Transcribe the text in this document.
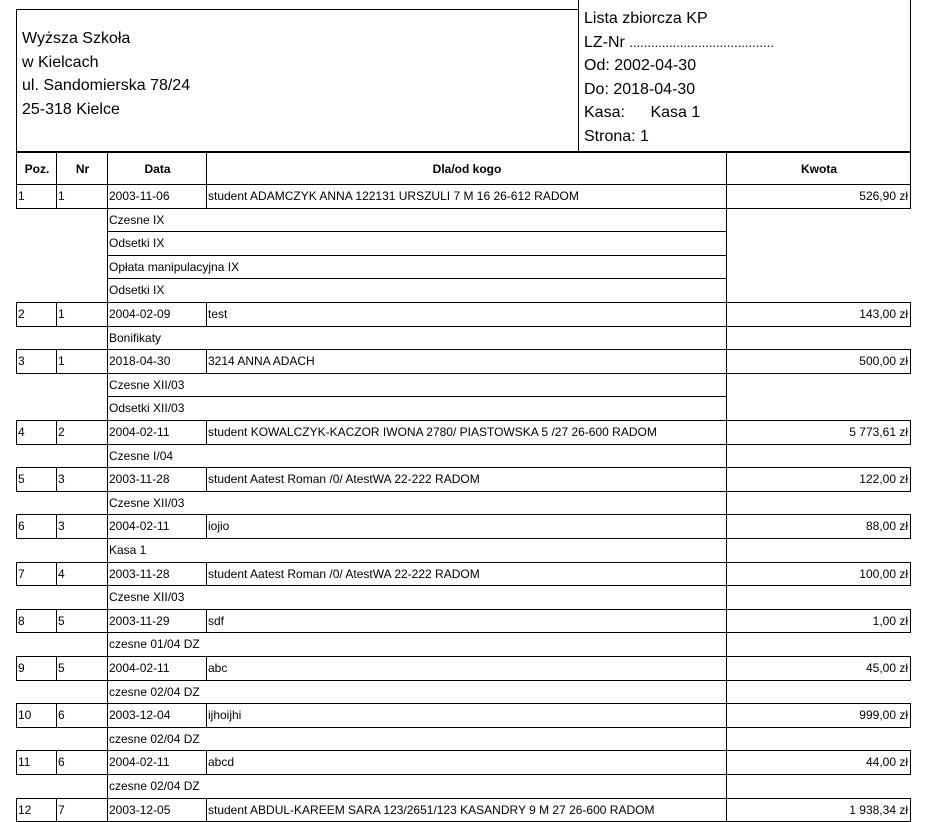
Wyższa Szkoła
w Kielcach
ul. Sandomierska 78/24
25-318 Kielce
Lista zbiorcza KP
LZ-Nr ........................................
Od: 2002-04-30
Do: 2018-04-30
Kasa: Kasa 1
Strona: 1
Poz.	Nr	Data	Dla/od kogo	Kwota
1	1	2003-11-06	student ADAMCZYK ANNA 122131 URSZULI 7 M 16 26-612 RADOM	526,90 zł
Czesne IX
Odsetki IX
Opłata manipulacyjna IX
Odsetki IX
2	1	2004-02-09	test	143,00 zł
Bonifikaty
3	1	2018-04-30	3214 ANNA ADACH	500,00 zł
Czesne XII/03
Odsetki XII/03
4	2	2004-02-11	student KOWALCZYK-KACZOR IWONA 2780/ PIASTOWSKA 5 /27 26-600 RADOM	5 773,61 zł
Czesne I/04
5	3	2003-11-28	student Aatest Roman /0/ AtestWA 22-222 RADOM	122,00 zł
Czesne XII/03
6	3	2004-02-11	iojio	88,00 zł
Kasa 1
7	4	2003-11-28	student Aatest Roman /0/ AtestWA 22-222 RADOM	100,00 zł
Czesne XII/03
8	5	2003-11-29	sdf	1,00 zł
czesne 01/04 DZ
9	5	2004-02-11	abc	45,00 zł
czesne 02/04 DZ
10	6	2003-12-04	ijhoijhi	999,00 zł
czesne 02/04 DZ
11	6	2004-02-11	abcd	44,00 zł
czesne 02/04 DZ
12	7	2003-12-05	student ABDUL-KAREEM SARA 123/2651/123 KASANDRY 9 M 27 26-600 RADOM	1 938,34 zł
